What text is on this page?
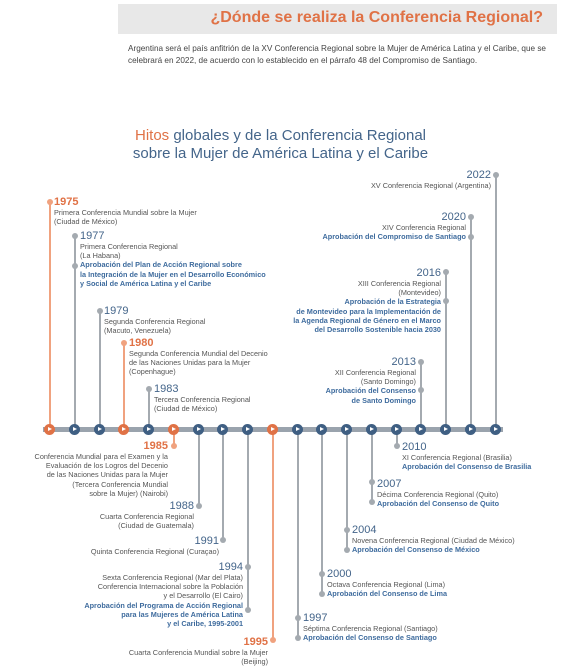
¿Dónde se realiza la Conferencia Regional?
Argentina será el país anfitrión de la XV Conferencia Regional sobre la Mujer de América Latina y el Caribe, que se celebrará en 2022, de acuerdo con lo establecido en el párrafo 48 del Compromiso de Santiago.
Hitos globales y de la Conferencia Regional
sobre la Mujer de América Latina y el Caribe
1975
Primera Conferencia Mundial sobre la Mujer
(Ciudad de México)
1977
Primera Conferencia Regional
(La Habana)
Aprobación del Plan de Acción Regional sobre
la Integración de la Mujer en el Desarrollo Económico
y Social de América Latina y el Caribe
1979
Segunda Conferencia Regional
(Macuto, Venezuela)
1980
Segunda Conferencia Mundial del Decenio
de las Naciones Unidas para la Mujer
(Copenhague)
1983
Tercera Conferencia Regional
(Ciudad de México)
1985
Conferencia Mundial para el Examen y la
Evaluación de los Logros del Decenio
de las Naciones Unidas para la Mujer
(Tercera Conferencia Mundial
sobre la Mujer) (Nairobi)
1988
Cuarta Conferencia Regional
(Ciudad de Guatemala)
1991
Quinta Conferencia Regional (Curaçao)
1994
Sexta Conferencia Regional (Mar del Plata)
Conferencia Internacional sobre la Población
y el Desarrollo (El Cairo)
Aprobación del Programa de Acción Regional
para las Mujeres de América Latina
y el Caribe, 1995-2001
1995
Cuarta Conferencia Mundial sobre la Mujer
(Beijing)
1997
Séptima Conferencia Regional (Santiago)
Aprobación del Consenso de Santiago
2000
Octava Conferencia Regional (Lima)
Aprobación del Consenso de Lima
2004
Novena Conferencia Regional (Ciudad de México)
Aprobación del Consenso de México
2007
Décima Conferencia Regional (Quito)
Aprobación del Consenso de Quito
2010
XI Conferencia Regional (Brasilia)
Aprobación del Consenso de Brasilia
2013
XII Conferencia Regional
(Santo Domingo)
Aprobación del Consenso
de Santo Domingo
2016
XIII Conferencia Regional
(Montevideo)
Aprobación de la Estrategia
de Montevideo para la Implementación de
la Agenda Regional de Género en el Marco
del Desarrollo Sostenible hacia 2030
2020
XIV Conferencia Regional
Aprobación del Compromiso de Santiago
2022
XV Conferencia Regional (Argentina)
